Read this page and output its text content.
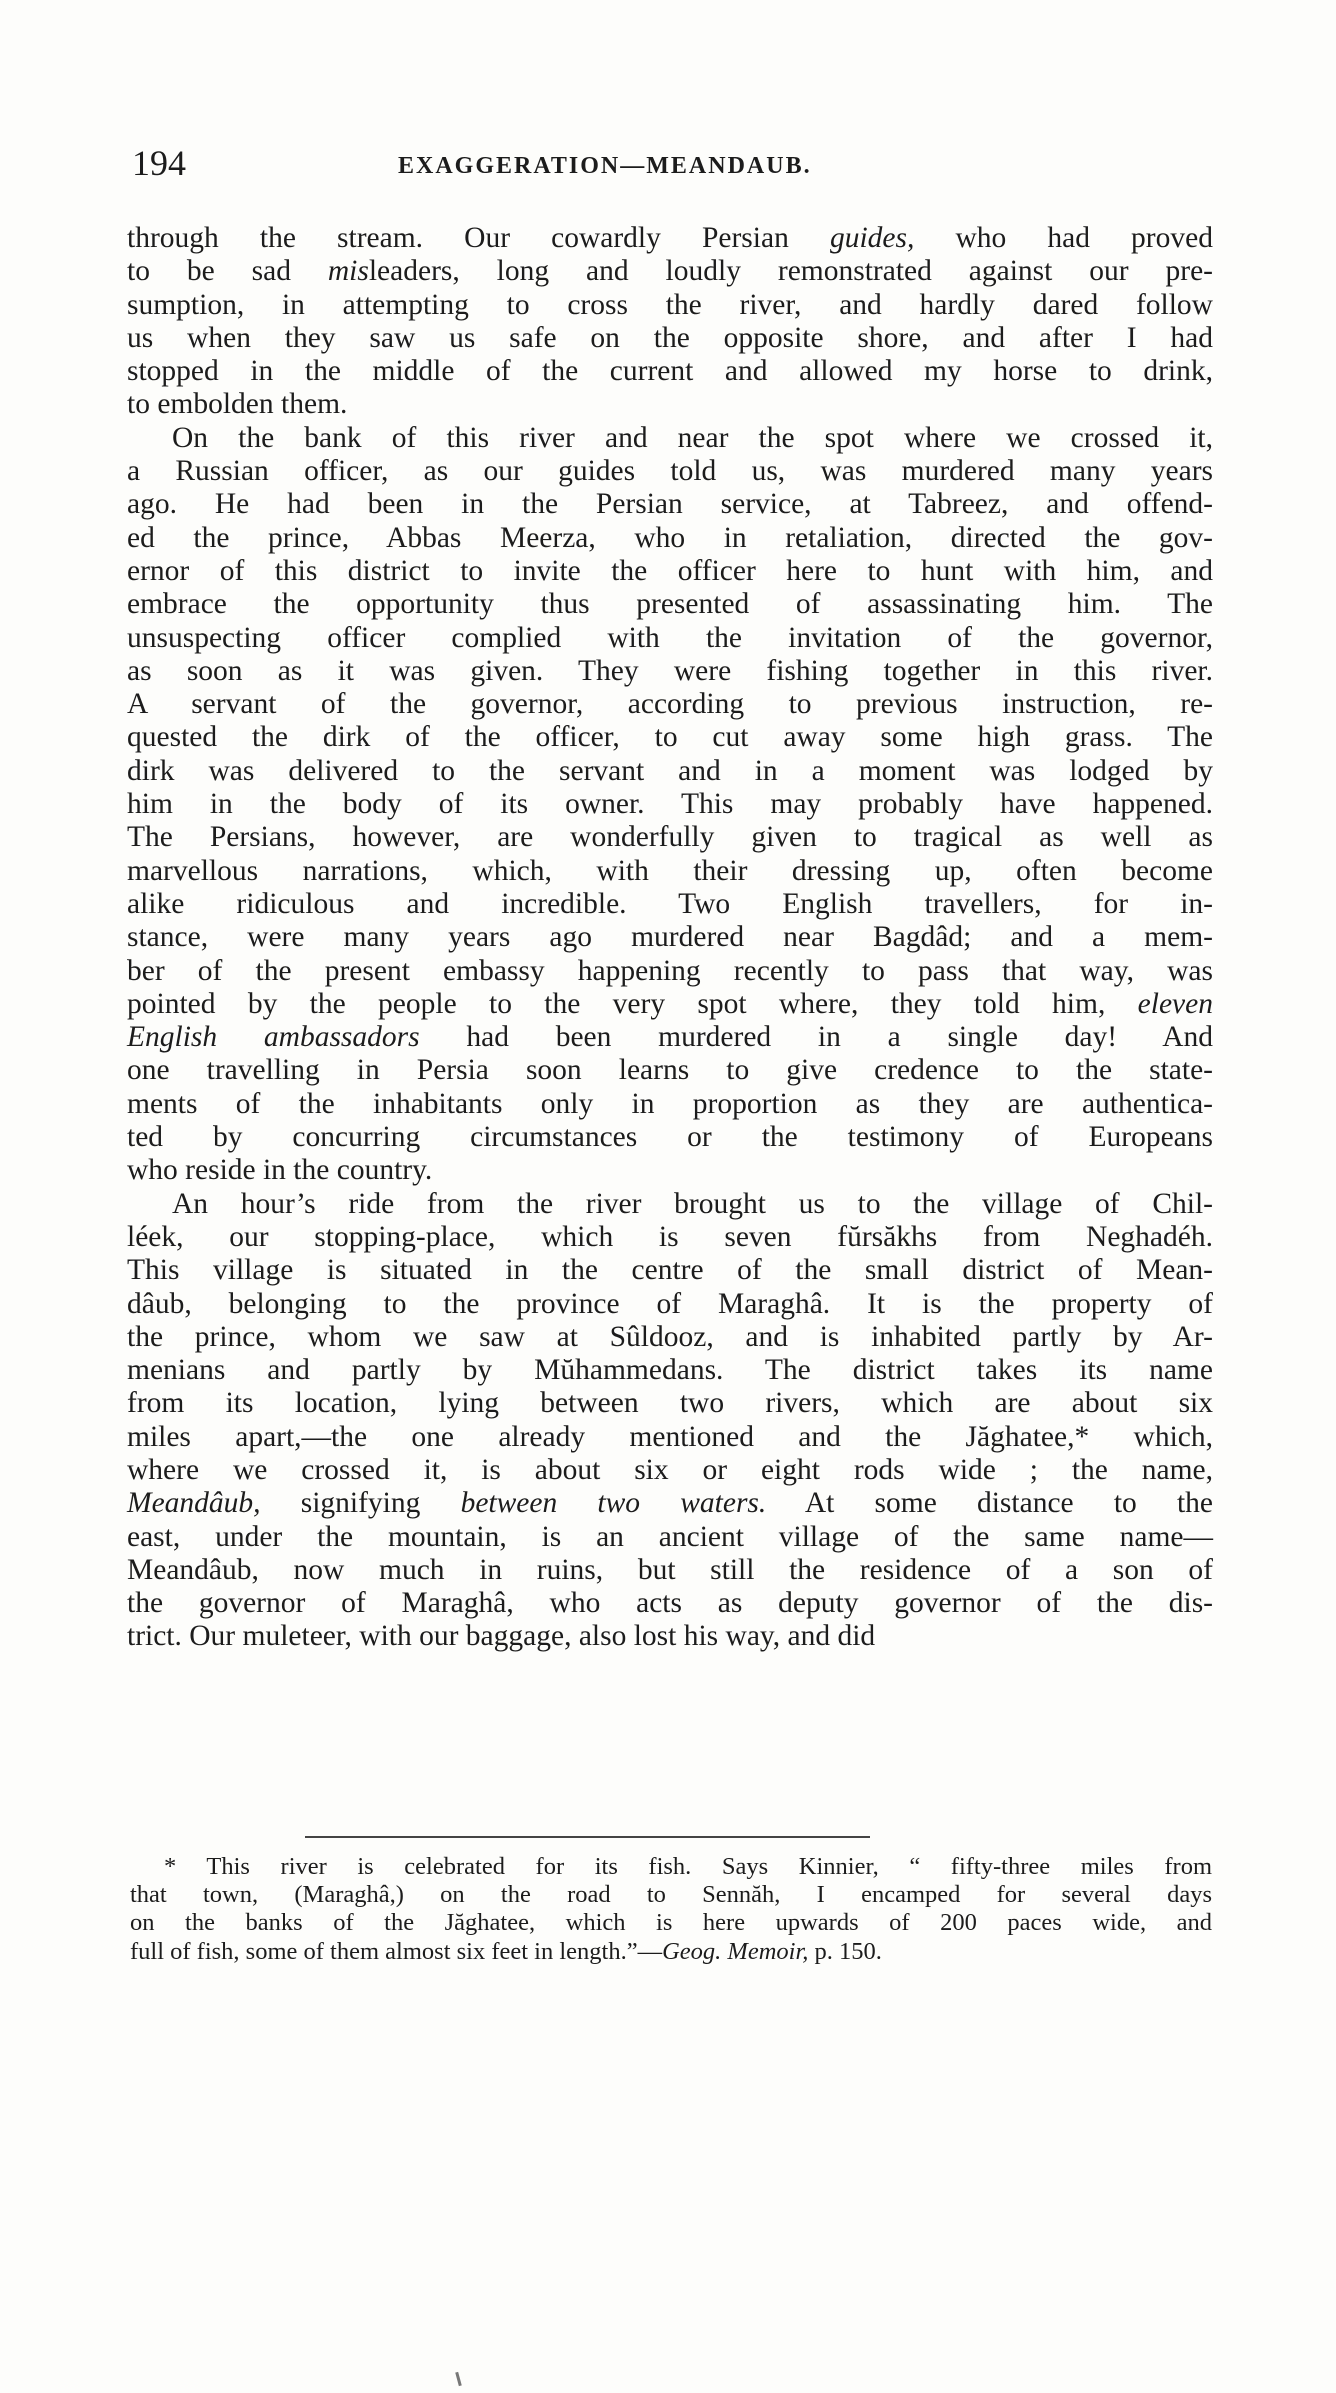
194	EXAGGERATION—MEANDAUB.
through the stream. Our cowardly Persian guides, who had proved
to be sad misleaders, long and loudly remonstrated against our pre-
sumption, in attempting to cross the river, and hardly dared follow
us when they saw us safe on the opposite shore, and after I had
stopped in the middle of the current and allowed my horse to drink,
to embolden them.
On the bank of this river and near the spot where we crossed it,
a Russian officer, as our guides told us, was murdered many years
ago. He had been in the Persian service, at Tabreez, and offend-
ed the prince, Abbas Meerza, who in retaliation, directed the gov-
ernor of this district to invite the officer here to hunt with him, and
embrace the opportunity thus presented of assassinating him. The
unsuspecting officer complied with the invitation of the governor,
as soon as it was given. They were fishing together in this river.
A servant of the governor, according to previous instruction, re-
quested the dirk of the officer, to cut away some high grass. The
dirk was delivered to the servant and in a moment was lodged by
him in the body of its owner. This may probably have happened.
The Persians, however, are wonderfully given to tragical as well as
marvellous narrations, which, with their dressing up, often become
alike ridiculous and incredible. Two English travellers, for in-
stance, were many years ago murdered near Bagdâd; and a mem-
ber of the present embassy happening recently to pass that way, was
pointed by the people to the very spot where, they told him, eleven
English ambassadors had been murdered in a single day! And
one travelling in Persia soon learns to give credence to the state-
ments of the inhabitants only in proportion as they are authentica-
ted by concurring circumstances or the testimony of Europeans
who reside in the country.
An hour’s ride from the river brought us to the village of Chil-
léek, our stopping-place, which is seven fŭrsăkhs from Neghadéh.
This village is situated in the centre of the small district of Mean-
dâub, belonging to the province of Maraghâ. It is the property of
the prince, whom we saw at Sûldooz, and is inhabited partly by Ar-
menians and partly by Mŭhammedans. The district takes its name
from its location, lying between two rivers, which are about six
miles apart,—the one already mentioned and the Jăghatee,* which,
where we crossed it, is about six or eight rods wide ; the name,
Meandâub, signifying between two waters. At some distance to the
east, under the mountain, is an ancient village of the same name—
Meandâub, now much in ruins, but still the residence of a son of
the governor of Maraghâ, who acts as deputy governor of the dis-
trict. Our muleteer, with our baggage, also lost his way, and did
* This river is celebrated for its fish. Says Kinnier, “ fifty-three miles from
that town, (Maraghâ,) on the road to Sennăh, I encamped for several days
on the banks of the Jăghatee, which is here upwards of 200 paces wide, and
full of fish, some of them almost six feet in length.”—Geog. Memoir, p. 150.
